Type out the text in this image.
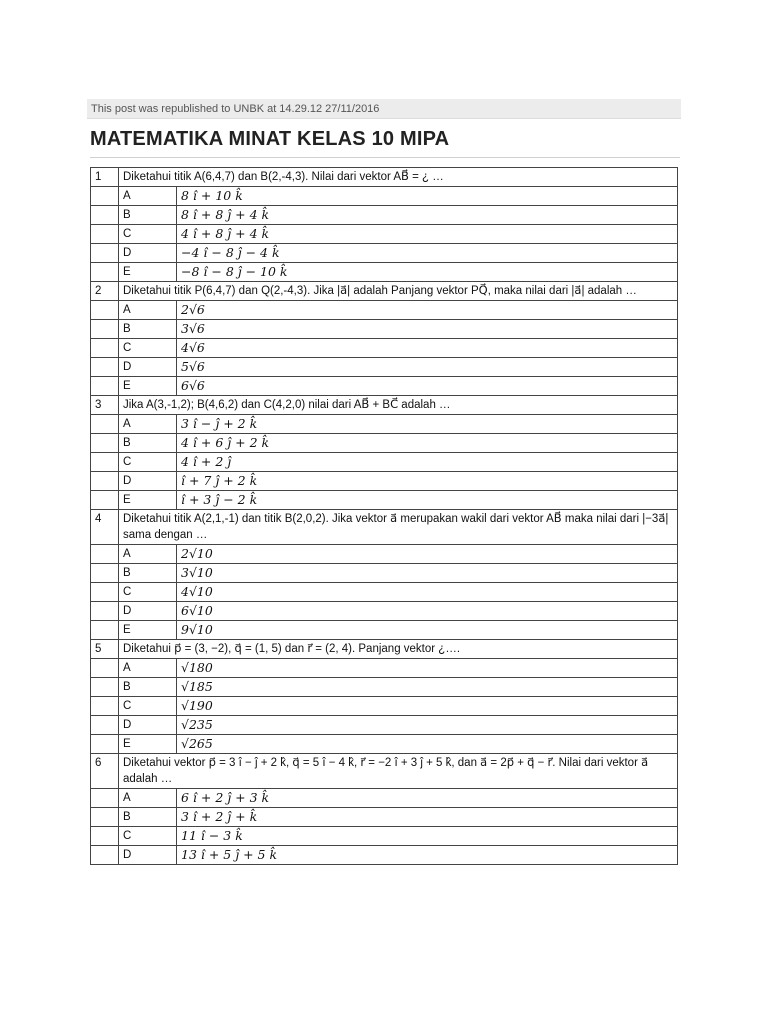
This post was republished to UNBK at 14.29.12 27/11/2016
MATEMATIKA MINAT KELAS 10 MIPA
1	Diketahui titik A(6,4,7) dan B(2,-4,3). Nilai dari vektor AB⃗ = ¿ …	
	A	8 î + 10 k̂
	B	8 î + 8 ĵ + 4 k̂
	C	4 î + 8 ĵ + 4 k̂
	D	−4 î − 8 ĵ − 4 k̂
	E	−8 î − 8 ĵ − 10 k̂
2	Diketahui titik P(6,4,7) dan Q(2,-4,3). Jika |a⃗| adalah Panjang vektor PQ⃗, maka nilai dari |a⃗| adalah …	
	A	2√6
	B	3√6
	C	4√6
	D	5√6
	E	6√6
3	Jika A(3,-1,2); B(4,6,2) dan C(4,2,0) nilai dari AB⃗ + BC⃗ adalah …	
	A	3 î − ĵ + 2 k̂
	B	4 î + 6 ĵ + 2 k̂
	C	4 î + 2 ĵ
	D	î + 7 ĵ + 2 k̂
	E	î + 3 ĵ − 2 k̂
4	Diketahui titik A(2,1,-1) dan titik B(2,0,2). Jika vektor a⃗ merupakan wakil dari vektor AB⃗ maka nilai dari |−3a⃗| sama dengan …	
	A	2√10
	B	3√10
	C	4√10
	D	6√10
	E	9√10
5	Diketahui p⃗ = (3, −2), q⃗ = (1, 5) dan r⃗ = (2, 4). Panjang vektor ¿….	
	A	√180
	B	√185
	C	√190
	D	√235
	E	√265
6	Diketahui vektor p⃗ = 3 î − ĵ + 2 k̂, q⃗ = 5 î − 4 k̂, r⃗ = −2 î + 3 ĵ + 5 k̂, dan a⃗ = 2p⃗ + q⃗ − r⃗. Nilai dari vektor a⃗ adalah …	
	A	6 î + 2 ĵ + 3 k̂
	B	3 î + 2 ĵ + k̂
	C	11 î − 3 k̂
	D	13 î + 5 ĵ + 5 k̂
